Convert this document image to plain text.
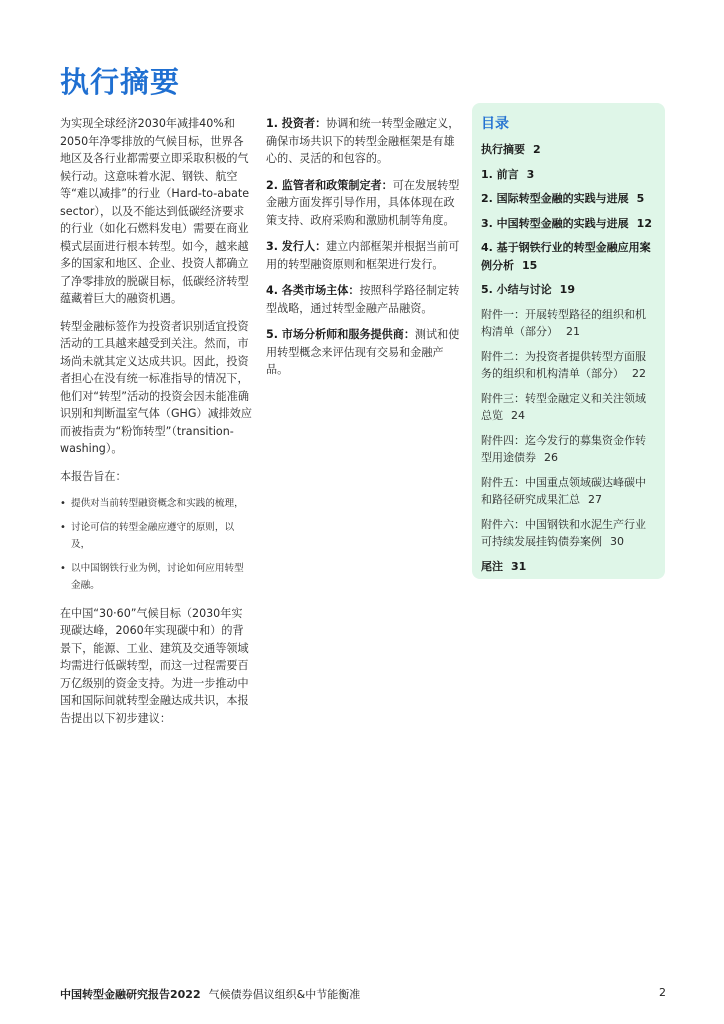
执行摘要

为实现全球经济2030年减排40%和2050年净零排放的气候目标，世界各地区及各行业都需要立即采取积极的气候行动。这意味着水泥、钢铁、航空等“难以减排”的行业（Hard-to-abate sector），以及不能达到低碳经济要求的行业（如化石燃料发电）需要在商业模式层面进行根本转型。如今，越来越多的国家和地区、企业、投资人都确立了净零排放的脱碳目标，低碳经济转型蕴藏着巨大的融资机遇。

转型金融标签作为投资者识别适宜投资活动的工具越来越受到关注。然而，市场尚未就其定义达成共识。因此，投资者担心在没有统一标准指导的情况下，他们对“转型”活动的投资会因未能准确识别和判断温室气体（GHG）减排效应而被指责为“粉饰转型”（transition-washing）。

本报告旨在：

• 提供对当前转型融资概念和实践的梳理，
• 讨论可信的转型金融应遵守的原则，以及，
• 以中国钢铁行业为例，讨论如何应用转型金融。

在中国“30·60”气候目标（2030年实现碳达峰，2060年实现碳中和）的背景下，能源、工业、建筑及交通等领域均需进行低碳转型，而这一过程需要百万亿级别的资金支持。为进一步推动中国和国际间就转型金融达成共识，本报告提出以下初步建议：

1. 投资者：协调和统一转型金融定义，确保市场共识下的转型金融框架是有雄心的、灵活的和包容的。

2. 监管者和政策制定者：可在发展转型金融方面发挥引导作用，具体体现在政策支持、政府采购和激励机制等角度。

3. 发行人：建立内部框架并根据当前可用的转型融资原则和框架进行发行。

4. 各类市场主体：按照科学路径制定转型战略，通过转型金融产品融资。

5. 市场分析师和服务提供商：测试和使用转型概念来评估现有交易和金融产品。

目录
执行摘要 2
1. 前言 3
2. 国际转型金融的实践与进展 5
3. 中国转型金融的实践与进展 12
4. 基于钢铁行业的转型金融应用案例分析 15
5. 小结与讨论 19
附件一：开展转型路径的组织和机构清单（部分） 21
附件二：为投资者提供转型方面服务的组织和机构清单（部分） 22
附件三：转型金融定义和关注领域总览 24
附件四：迄今发行的募集资金作转型用途债券 26
附件五：中国重点领域碳达峰碳中和路径研究成果汇总 27
附件六：中国钢铁和水泥生产行业可持续发展挂钩债券案例 30
尾注 31
中国转型金融研究报告2022 气候债券倡议组织&中节能衡准	2
